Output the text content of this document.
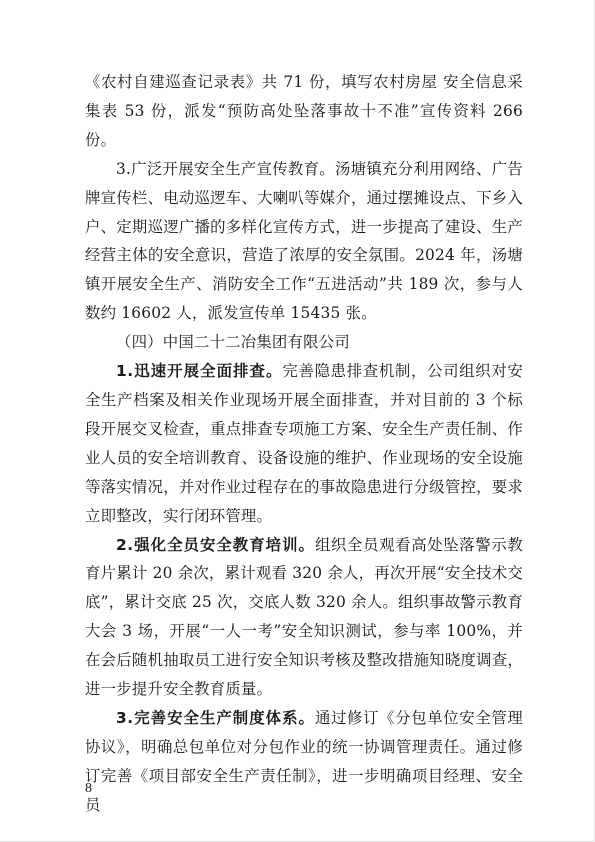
《农村自建巡查记录表》共 71 份，填写农村房屋 安全信息采集表 53 份，派发“预防高处坠落事故十不准”宣传资料 266 份。

3.广泛开展安全生产宣传教育。汤塘镇充分利用网络、广告牌宣传栏、电动巡逻车、大喇叭等媒介，通过摆摊设点、下乡入户、定期巡逻广播的多样化宣传方式，进一步提高了建设、生产经营主体的安全意识，营造了浓厚的安全氛围。2024 年，汤塘镇开展安全生产、消防安全工作“五进活动”共 189 次，参与人数约 16602 人，派发宣传单 15435 张。

（四）中国二十二冶集团有限公司

1.迅速开展全面排查。完善隐患排查机制，公司组织对安全生产档案及相关作业现场开展全面排查，并对目前的 3 个标段开展交叉检查，重点排查专项施工方案、安全生产责任制、作业人员的安全培训教育、设备设施的维护、作业现场的安全设施等落实情况，并对作业过程存在的事故隐患进行分级管控，要求立即整改，实行闭环管理。

2.强化全员安全教育培训。组织全员观看高处坠落警示教育片累计 20 余次，累计观看 320 余人，再次开展“安全技术交底”，累计交底 25 次，交底人数 320 余人。组织事故警示教育大会 3 场，开展“一人一考”安全知识测试，参与率 100%，并在会后随机抽取员工进行安全知识考核及整改措施知晓度调查，进一步提升安全教育质量。

3.完善安全生产制度体系。通过修订《分包单位安全管理协议》，明确总包单位对分包作业的统一协调管理责任。通过修订完善《项目部安全生产责任制》，进一步明确项目经理、安全员

8
